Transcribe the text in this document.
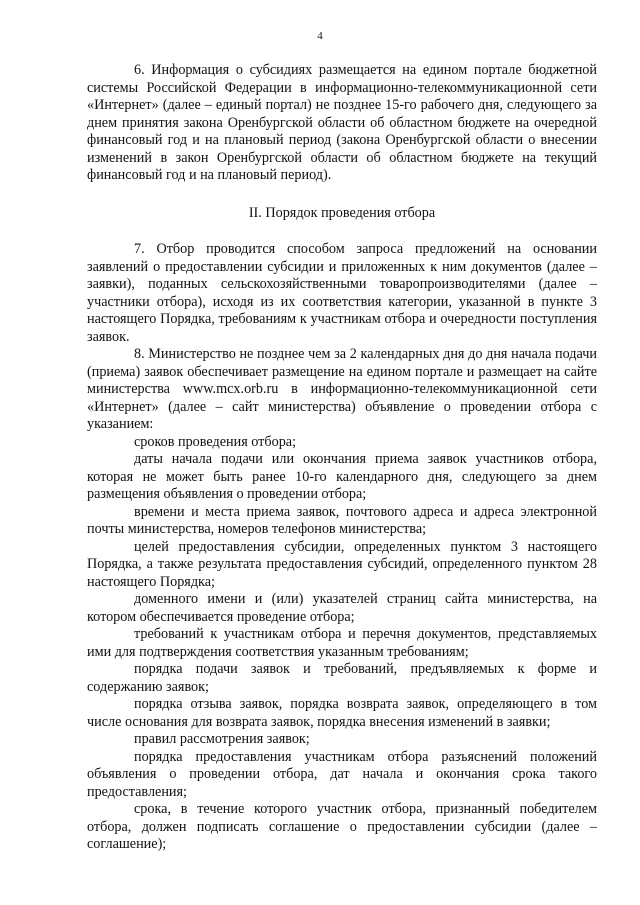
4

6. Информация о субсидиях размещается на едином портале бюджетной системы Российской Федерации в информационно-телекоммуникационной сети «Интернет» (далее – единый портал) не позднее 15-го рабочего дня, следующего за днем принятия закона Оренбургской области об областном бюджете на очередной финансовый год и на плановый период (закона Оренбургской области о внесении изменений в закон Оренбургской области об областном бюджете на текущий финансовый год и на плановый период).

II. Порядок проведения отбора

7. Отбор проводится способом запроса предложений на основании заявлений о предоставлении субсидии и приложенных к ним документов (далее – заявки), поданных сельскохозяйственными товаропроизводителями (далее – участники отбора), исходя из их соответствия категории, указанной в пункте 3 настоящего Порядка, требованиям к участникам отбора и очередности поступления заявок.

8. Министерство не позднее чем за 2 календарных дня до дня начала подачи (приема) заявок обеспечивает размещение на едином портале и размещает на сайте министерства www.mcx.orb.ru в информационно-телекоммуникационной сети «Интернет» (далее – сайт министерства) объявление о проведении отбора с указанием:

сроков проведения отбора;

даты начала подачи или окончания приема заявок участников отбора, которая не может быть ранее 10-го календарного дня, следующего за днем размещения объявления о проведении отбора;

времени и места приема заявок, почтового адреса и адреса электронной почты министерства, номеров телефонов министерства;

целей предоставления субсидии, определенных пунктом 3 настоящего Порядка, а также результата предоставления субсидий, определенного пунктом 28 настоящего Порядка;

доменного имени и (или) указателей страниц сайта министерства, на котором обеспечивается проведение отбора;

требований к участникам отбора и перечня документов, представляемых ими для подтверждения соответствия указанным требованиям;

порядка подачи заявок и требований, предъявляемых к форме и содержанию заявок;

порядка отзыва заявок, порядка возврата заявок, определяющего в том числе основания для возврата заявок, порядка внесения изменений в заявки;

правил рассмотрения заявок;

порядка предоставления участникам отбора разъяснений положений объявления о проведении отбора, дат начала и окончания срока такого предоставления;

срока, в течение которого участник отбора, признанный победителем отбора, должен подписать соглашение о предоставлении субсидии (далее – соглашение);
